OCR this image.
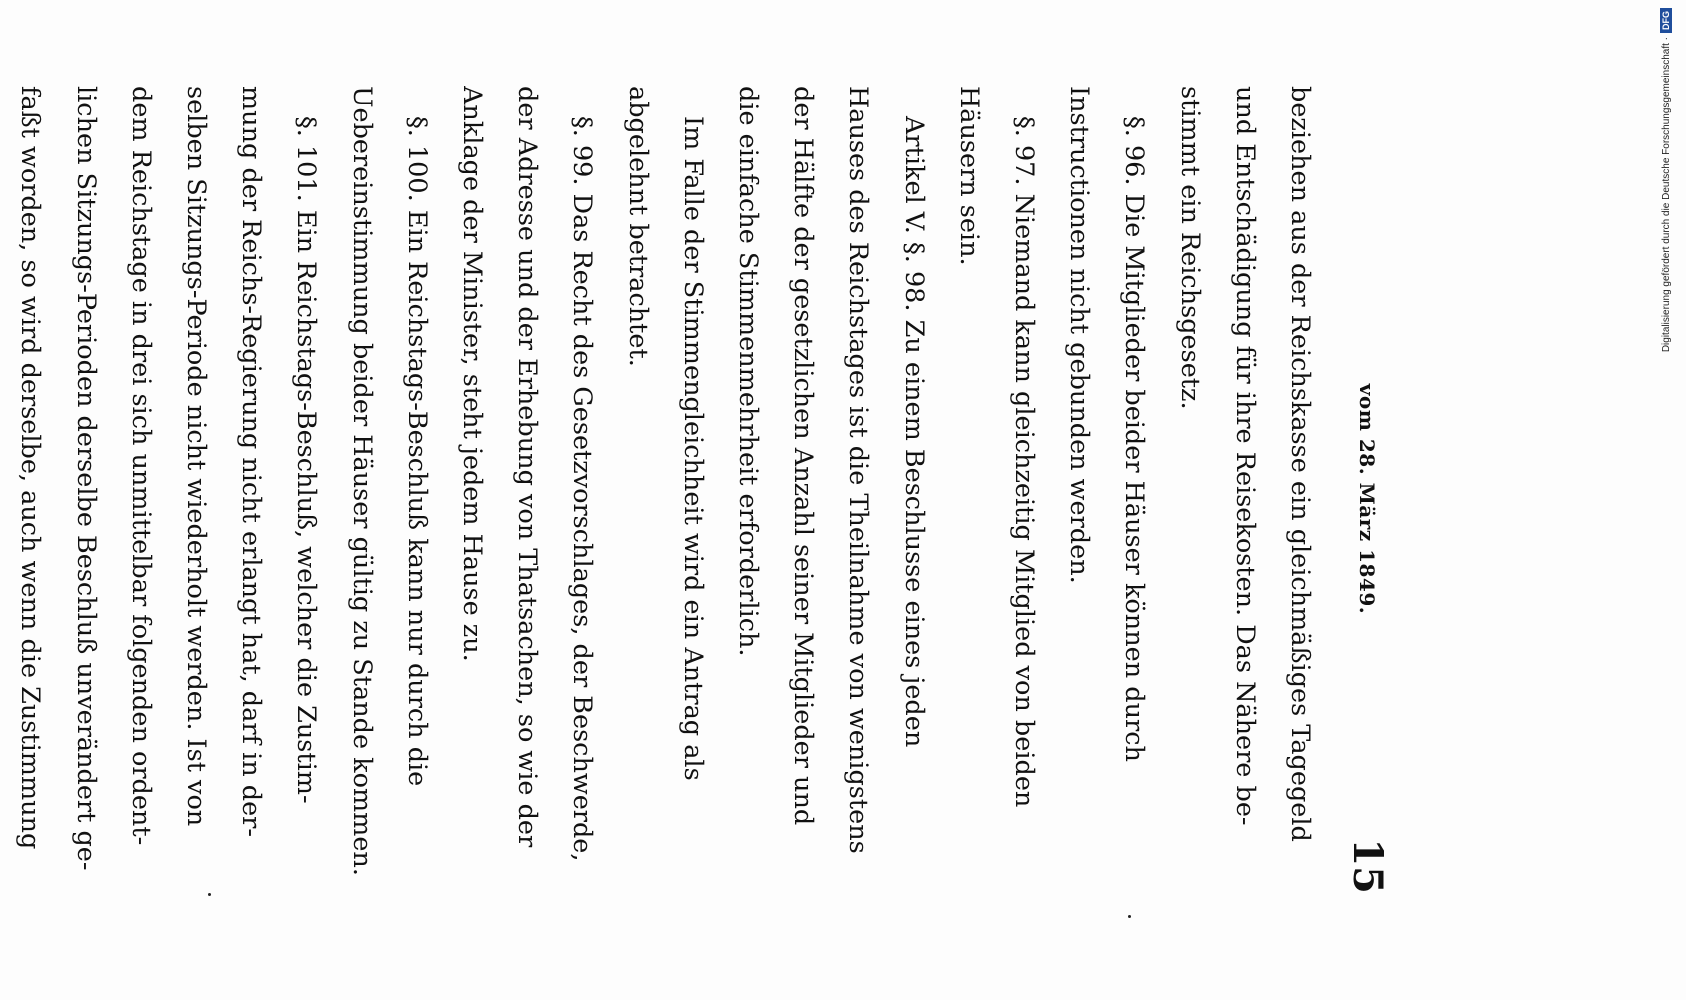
vom 28. März 1849.
15
beziehen aus der Reichskasse ein gleichmäßiges Tagegeld
und Entschädigung für ihre Reisekosten. Das Nähere be-
stimmt ein Reichsgesetz.
§. 96. Die Mitglieder beider Häuser können durch
Instructionen nicht gebunden werden.
§. 97. Niemand kann gleichzeitig Mitglied von beiden
Häusern sein.
Artikel V. §. 98. Zu einem Beschlusse eines jeden
Hauses des Reichstages ist die Theilnahme von wenigstens
der Hälfte der gesetzlichen Anzahl seiner Mitglieder und
die einfache Stimmenmehrheit erforderlich.
Im Falle der Stimmengleichheit wird ein Antrag als
abgelehnt betrachtet.
§. 99. Das Recht des Gesetzvorschlages, der Beschwerde,
der Adresse und der Erhebung von Thatsachen, so wie der
Anklage der Minister, steht jedem Hause zu.
§. 100. Ein Reichstags-Beschluß kann nur durch die
Uebereinstimmung beider Häuser gültig zu Stande kommen.
§. 101. Ein Reichstags-Beschluß, welcher die Zustim-
mung der Reichs-Regierung nicht erlangt hat, darf in der-
selben Sitzungs-Periode nicht wiederholt werden. Ist von
dem Reichstage in drei sich unmittelbar folgenden ordent-
lichen Sitzungs-Perioden derselbe Beschluß unverändert ge-
faßt worden, so wird derselbe, auch wenn die Zustimmung	Digitalisierung gefördert durch die Deutsche Forschungsgemeinschaft ·DFG
